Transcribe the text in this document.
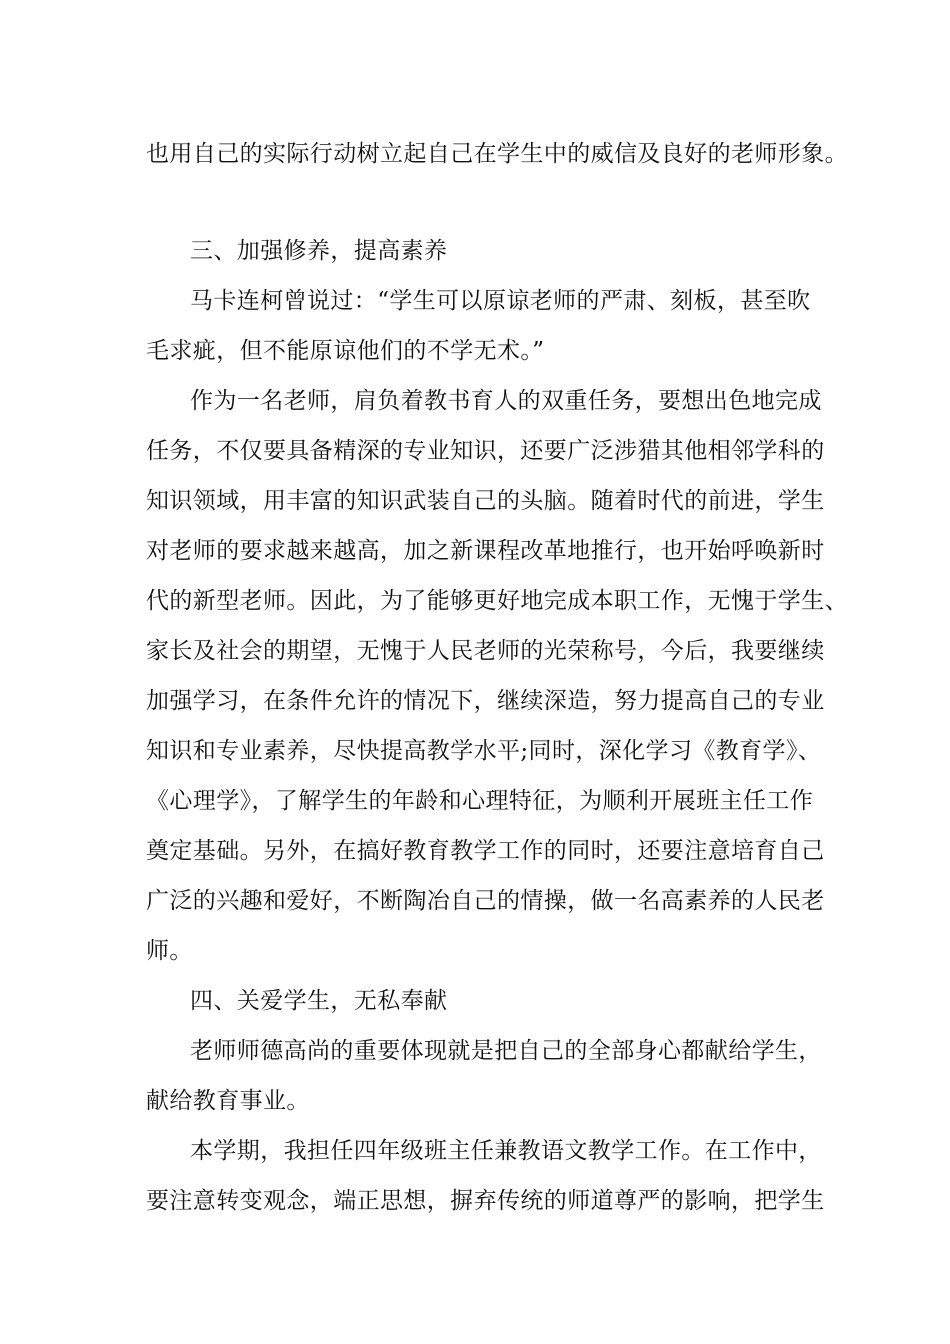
也用自己的实际行动树立起自己在学生中的威信及良好的老师形象。
三、加强修养，提高素养
马卡连柯曾说过：“学生可以原谅老师的严肃、刻板，甚至吹
毛求疵，但不能原谅他们的不学无术。”
作为一名老师，肩负着教书育人的双重任务，要想出色地完成
任务，不仅要具备精深的专业知识，还要广泛涉猎其他相邻学科的
知识领域，用丰富的知识武装自己的头脑。随着时代的前进，学生
对老师的要求越来越高，加之新课程改革地推行，也开始呼唤新时
代的新型老师。因此，为了能够更好地完成本职工作，无愧于学生、
家长及社会的期望，无愧于人民老师的光荣称号，今后，我要继续
加强学习，在条件允许的情况下，继续深造，努力提高自己的专业
知识和专业素养，尽快提高教学水平;同时，深化学习《教育学》、
《心理学》，了解学生的年龄和心理特征，为顺利开展班主任工作
奠定基础。另外，在搞好教育教学工作的同时，还要注意培育自己
广泛的兴趣和爱好，不断陶冶自己的情操，做一名高素养的人民老
师。
四、关爱学生，无私奉献
老师师德高尚的重要体现就是把自己的全部身心都献给学生，
献给教育事业。
本学期，我担任四年级班主任兼教语文教学工作。在工作中，
要注意转变观念，端正思想，摒弃传统的师道尊严的影响，把学生
